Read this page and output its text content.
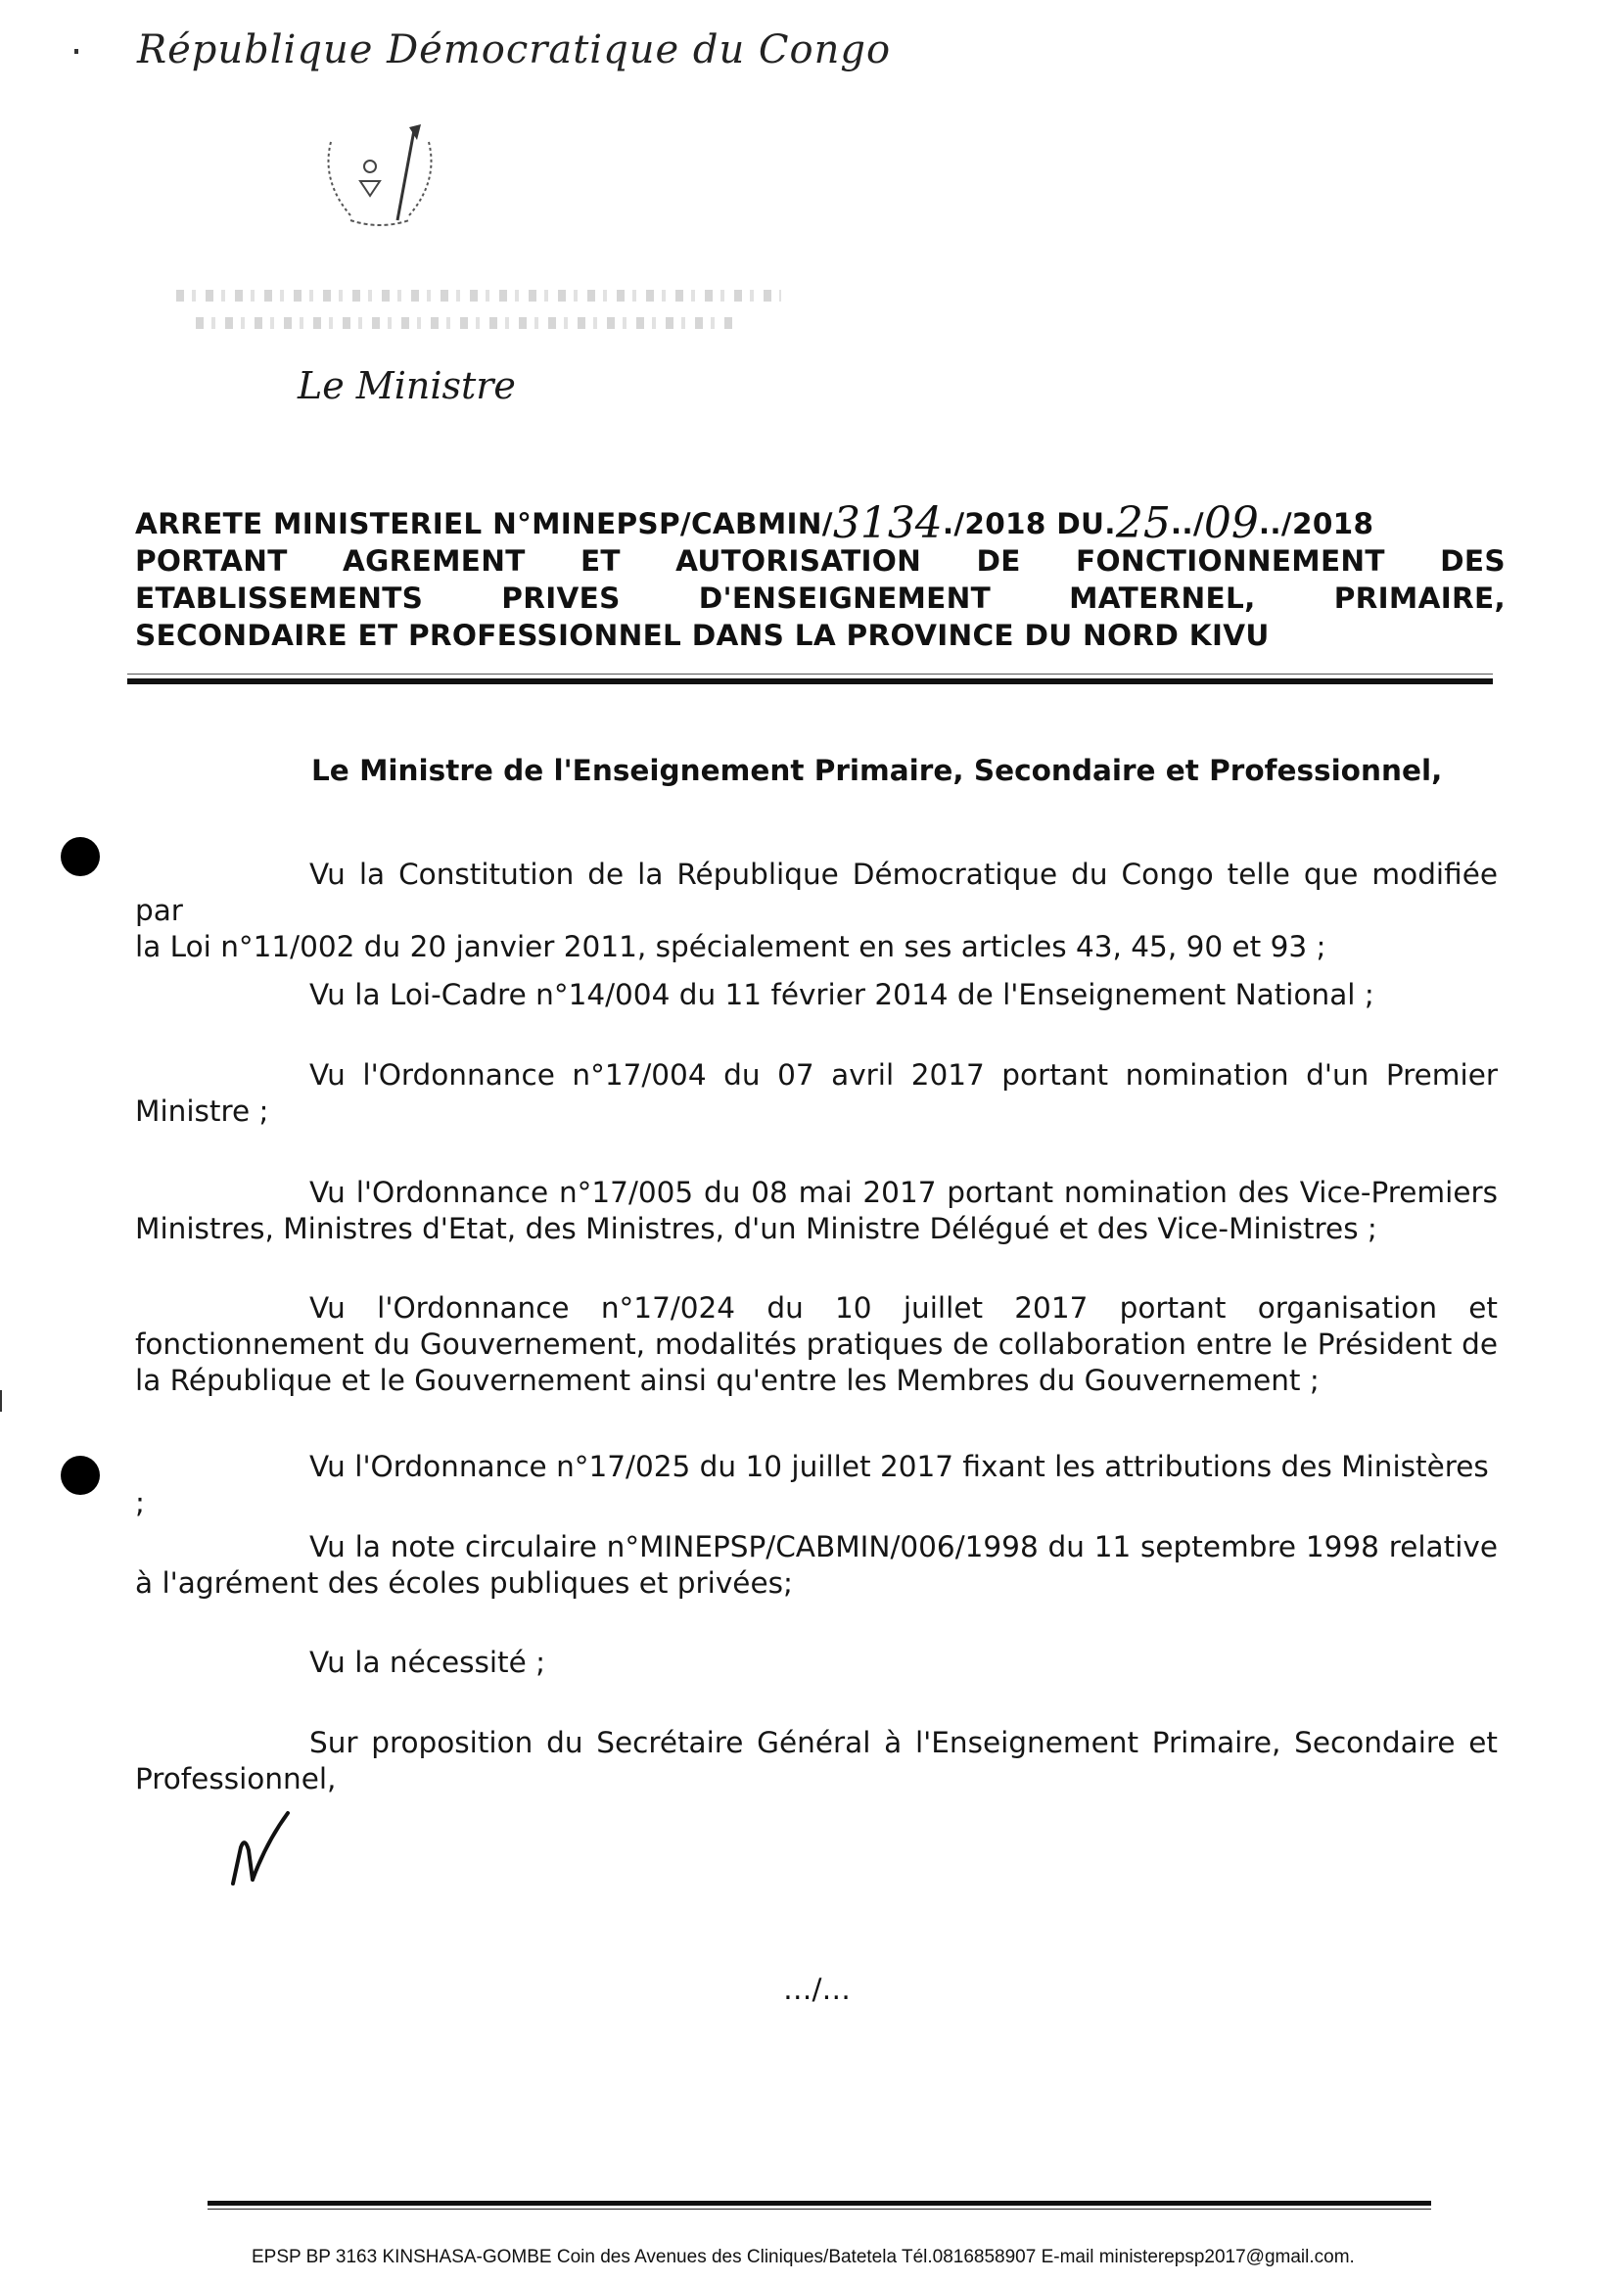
République Démocratique du Congo
Le Ministre
ARRETE MINISTERIEL N°MINEPSP/CABMIN/ 3134 ./2018 DU. 25 ../ 09 ../2018
PORTANT AGREMENT ET AUTORISATION DE FONCTIONNEMENT DES
ETABLISSEMENTS	PRIVES	D'ENSEIGNEMENT	MATERNEL,	PRIMAIRE,
SECONDAIRE ET PROFESSIONNEL DANS LA PROVINCE DU NORD KIVU
Le Ministre de l'Enseignement Primaire, Secondaire et Professionnel,
Vu la Constitution de la République Démocratique du Congo telle que modifiée par
la Loi n°11/002 du 20 janvier 2011, spécialement en ses articles 43, 45, 90 et 93 ;
Vu la Loi-Cadre n°14/004 du 11 février 2014 de l'Enseignement National ;
Vu l'Ordonnance n°17/004 du 07 avril 2017 portant nomination d'un Premier
Ministre ;
Vu l'Ordonnance n°17/005 du 08 mai 2017 portant nomination des Vice-Premiers
Ministres, Ministres d'Etat, des Ministres, d'un Ministre Délégué et des Vice-Ministres ;
Vu l'Ordonnance n°17/024 du 10 juillet 2017 portant organisation et
fonctionnement du Gouvernement, modalités pratiques de collaboration entre le Président de
la République et le Gouvernement ainsi qu'entre les Membres du Gouvernement ;
Vu l'Ordonnance n°17/025 du 10 juillet 2017 fixant les attributions des Ministères ;
Vu la note circulaire n°MINEPSP/CABMIN/006/1998 du 11 septembre 1998 relative
à l'agrément des écoles publiques et privées;
Vu la nécessité ;
Sur proposition du Secrétaire Général à l'Enseignement Primaire, Secondaire et
Professionnel,
…/…
EPSP BP 3163 KINSHASA-GOMBE Coin des Avenues des Cliniques/Batetela Tél.0816858907 E-mail ministerepsp2017@gmail.com.
